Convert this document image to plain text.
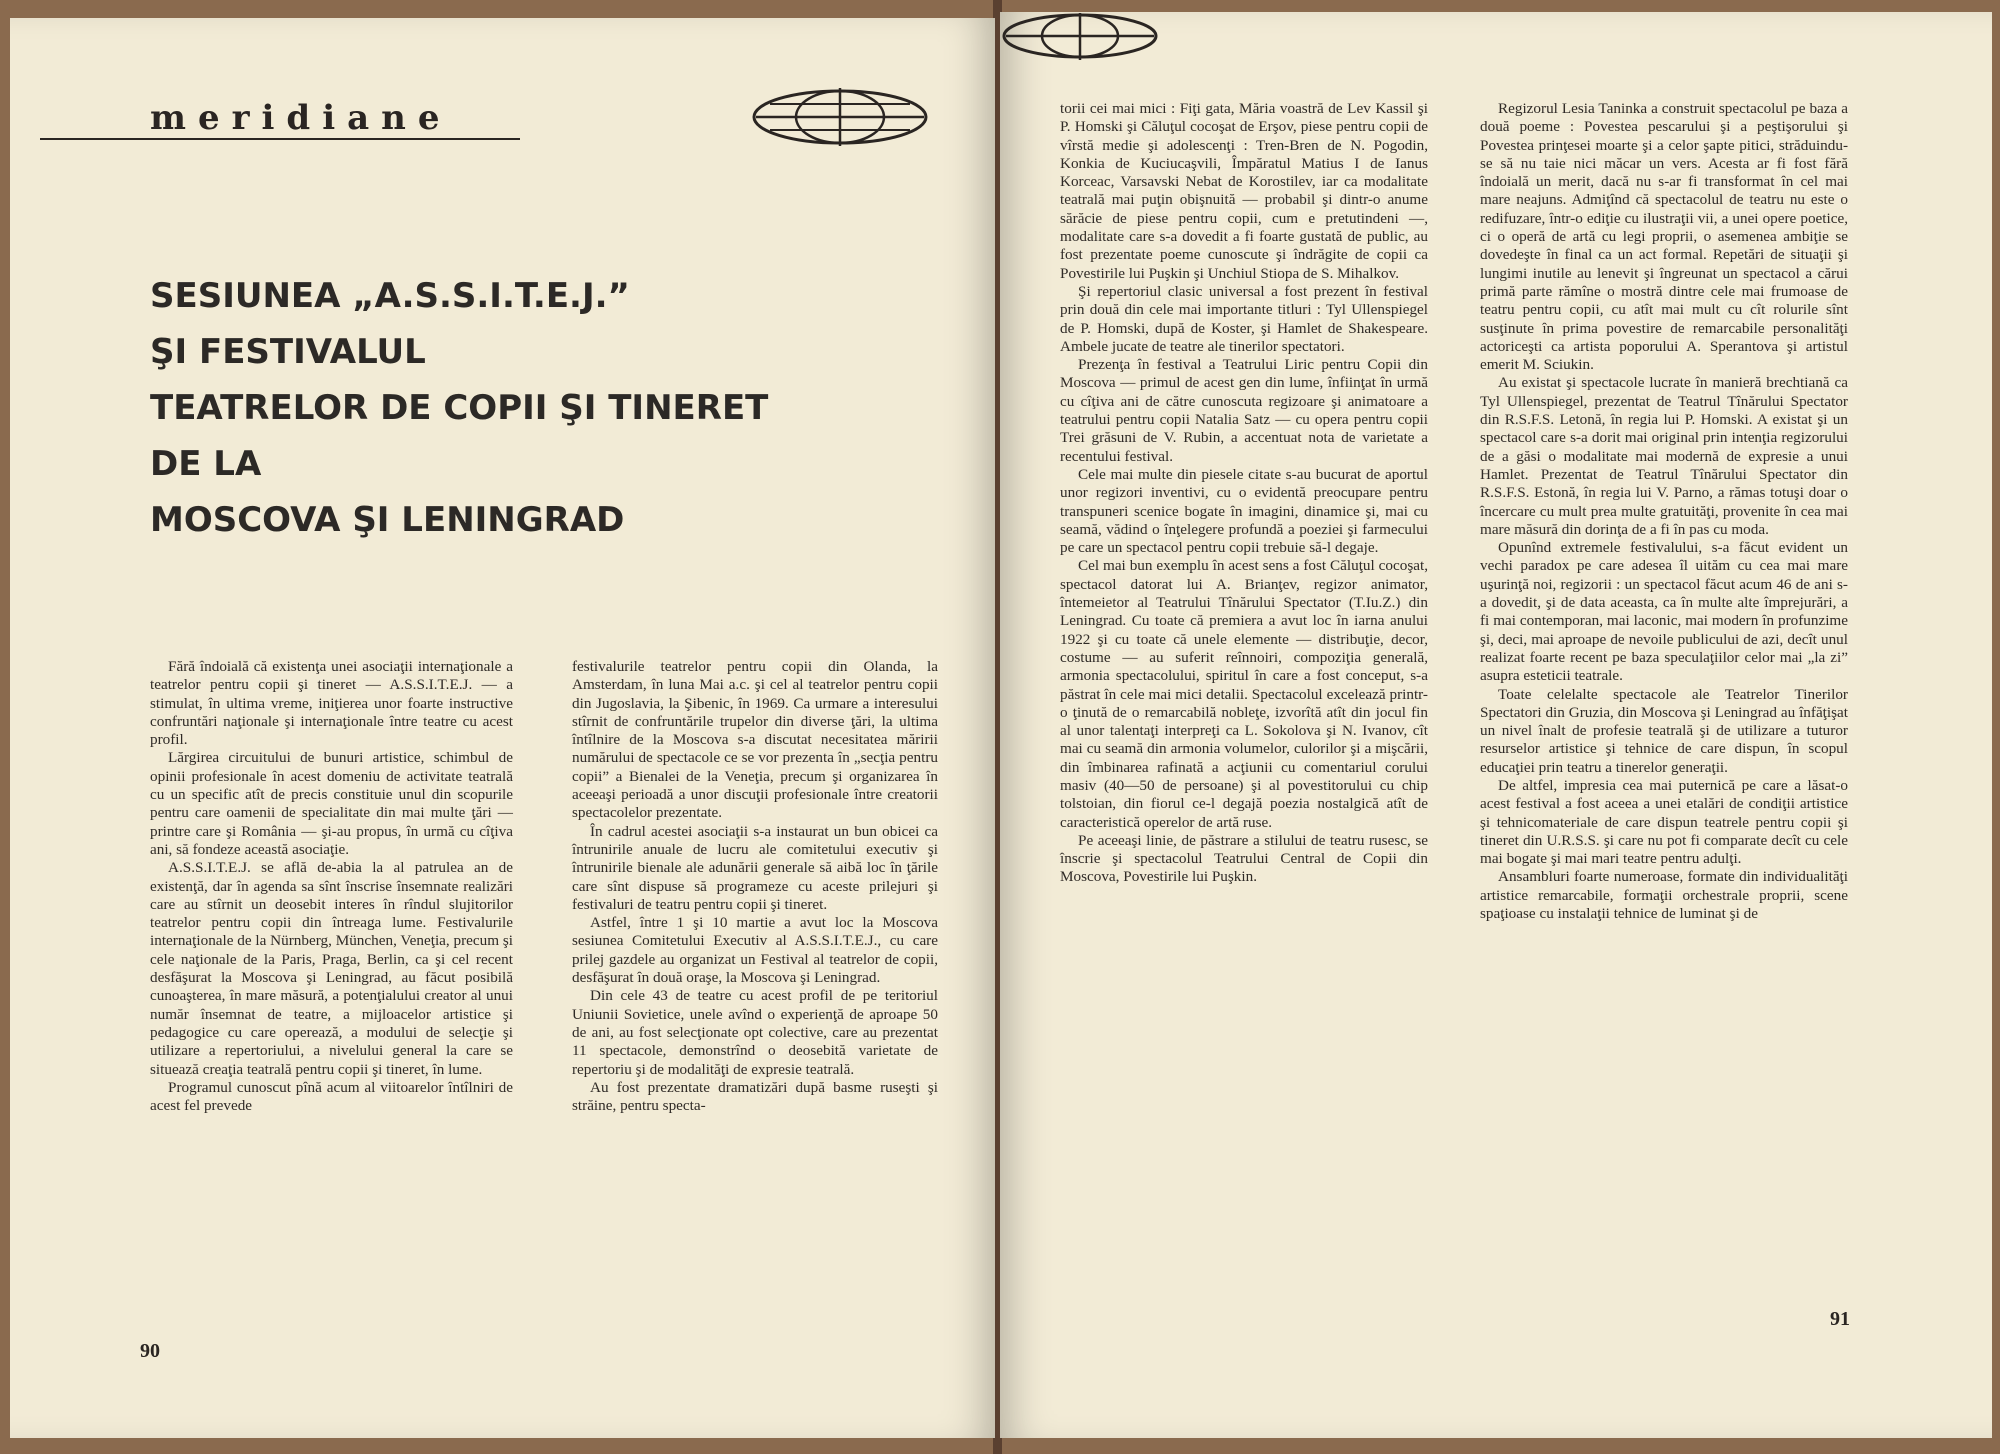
meridiane
SESIUNEA „A.S.S.I.T.E.J.”
ŞI FESTIVALUL
TEATRELOR DE COPII ŞI TINERET
DE LA
MOSCOVA ŞI LENINGRAD

Fără îndoială că existenţa unei asociaţii internaţionale a teatrelor pentru copii şi tineret — A.S.S.I.T.E.J. — a stimulat, în ultima vreme, iniţierea unor foarte instructive confruntări naţionale şi internaţionale între teatre cu acest profil.

Lărgirea circuitului de bunuri artistice, schimbul de opinii profesionale în acest domeniu de activitate teatrală cu un specific atît de precis constituie unul din scopurile pentru care oamenii de specialitate din mai multe ţări — printre care şi România — şi-au propus, în urmă cu cîţiva ani, să fondeze această asociaţie.

A.S.S.I.T.E.J. se află de-abia la al patrulea an de existenţă, dar în agenda sa sînt înscrise însemnate realizări care au stîrnit un deosebit interes în rîndul slujitorilor teatrelor pentru copii din întreaga lume. Festivalurile internaţionale de la Nürnberg, München, Veneţia, precum şi cele naţionale de la Paris, Praga, Berlin, ca şi cel recent desfăşurat la Moscova şi Leningrad, au făcut posibilă cunoaşterea, în mare măsură, a potenţialului creator al unui număr însemnat de teatre, a mijloacelor artistice şi pedagogice cu care operează, a modului de selecţie şi utilizare a repertoriului, a nivelului general la care se situează creaţia teatrală pentru copii şi tineret, în lume.

Programul cunoscut pînă acum al viitoarelor întîlniri de acest fel prevede

festivalurile teatrelor pentru copii din Olanda, la Amsterdam, în luna Mai a.c. şi cel al teatrelor pentru copii din Jugoslavia, la Şibenic, în 1969. Ca urmare a interesului stîrnit de confruntările trupelor din diverse ţări, la ultima întîlnire de la Moscova s-a discutat necesitatea măririi numărului de spectacole ce se vor prezenta în „secţia pentru copii” a Bienalei de la Veneţia, precum şi organizarea în aceeaşi perioadă a unor discuţii profesionale între creatorii spectacolelor prezentate.

În cadrul acestei asociaţii s-a instaurat un bun obicei ca întrunirile anuale de lucru ale comitetului executiv şi întrunirile bienale ale adunării generale să aibă loc în ţările care sînt dispuse să programeze cu aceste prilejuri şi festivaluri de teatru pentru copii şi tineret.

Astfel, între 1 şi 10 martie a avut loc la Moscova sesiunea Comitetului Executiv al A.S.S.I.T.E.J., cu care prilej gazdele au organizat un Festival al teatrelor de copii, desfăşurat în două oraşe, la Moscova şi Leningrad.

Din cele 43 de teatre cu acest profil de pe teritoriul Uniunii Sovietice, unele avînd o experienţă de aproape 50 de ani, au fost selecţionate opt colective, care au prezentat 11 spectacole, demonstrînd o deosebită varietate de repertoriu şi de modalităţi de expresie teatrală.

Au fost prezentate dramatizări după basme ruseşti şi străine, pentru specta-

90

torii cei mai mici : Fiţi gata, Măria voastră de Lev Kassil şi P. Homski şi Căluţul cocoşat de Erşov, piese pentru copii de vîrstă medie şi adolescenţi : Tren-Bren de N. Pogodin, Konkia de Kuciucaşvili, Împăratul Matius I de Ianus Korceac, Varsavski Nebat de Korostilev, iar ca modalitate teatrală mai puţin obişnuită — probabil şi dintr-o anume sărăcie de piese pentru copii, cum e pretutindeni —, modalitate care s-a dovedit a fi foarte gustată de public, au fost prezentate poeme cunoscute şi îndrăgite de copii ca Povestirile lui Puşkin şi Unchiul Stiopa de S. Mihalkov.

Şi repertoriul clasic universal a fost prezent în festival prin două din cele mai importante titluri : Tyl Ullenspiegel de P. Homski, după de Koster, şi Hamlet de Shakespeare. Ambele jucate de teatre ale tinerilor spectatori.

Prezenţa în festival a Teatrului Liric pentru Copii din Moscova — primul de acest gen din lume, înfiinţat în urmă cu cîţiva ani de către cunoscuta regizoare şi animatoare a teatrului pentru copii Natalia Satz — cu opera pentru copii Trei grăsuni de V. Rubin, a accentuat nota de varietate a recentului festival.

Cele mai multe din piesele citate s-au bucurat de aportul unor regizori inventivi, cu o evidentă preocupare pentru transpuneri scenice bogate în imagini, dinamice şi, mai cu seamă, vădind o înţelegere profundă a poeziei şi farmecului pe care un spectacol pentru copii trebuie să-l degaje.

Cel mai bun exemplu în acest sens a fost Căluţul cocoşat, spectacol datorat lui A. Brianţev, regizor animator, întemeietor al Teatrului Tînărului Spectator (T.Iu.Z.) din Leningrad. Cu toate că premiera a avut loc în iarna anului 1922 şi cu toate că unele elemente — distribuţie, decor, costume — au suferit reînnoiri, compoziţia generală, armonia spectacolului, spiritul în care a fost conceput, s-a păstrat în cele mai mici detalii. Spectacolul excelează printr-o ţinută de o remarcabilă nobleţe, izvorîtă atît din jocul fin al unor talentaţi interpreţi ca L. Sokolova şi N. Ivanov, cît mai cu seamă din armonia volumelor, culorilor şi a mişcării, din îmbinarea rafinată a acţiunii cu comentariul corului masiv (40—50 de persoane) şi al povestitorului cu chip tolstoian, din fiorul ce-l degajă poezia nostalgică atît de caracteristică operelor de artă ruse.

Pe aceeaşi linie, de păstrare a stilului de teatru rusesc, se înscrie şi spectacolul Teatrului Central de Copii din Moscova, Povestirile lui Puşkin.

Regizorul Lesia Taninka a construit spectacolul pe baza a două poeme : Povestea pescarului şi a peştişorului şi Povestea prinţesei moarte şi a celor şapte pitici, străduindu-se să nu taie nici măcar un vers. Acesta ar fi fost fără îndoială un merit, dacă nu s-ar fi transformat în cel mai mare neajuns. Admiţînd că spectacolul de teatru nu este o redifuzare, într-o ediţie cu ilustraţii vii, a unei opere poetice, ci o operă de artă cu legi proprii, o asemenea ambiţie se dovedeşte în final ca un act formal. Repetări de situaţii şi lungimi inutile au lenevit şi îngreunat un spectacol a cărui primă parte rămîne o mostră dintre cele mai frumoase de teatru pentru copii, cu atît mai mult cu cît rolurile sînt susţinute în prima povestire de remarcabile personalităţi actoriceşti ca artista poporului A. Sperantova şi artistul emerit M. Sciukin.

Au existat şi spectacole lucrate în manieră brechtiană ca Tyl Ullenspiegel, prezentat de Teatrul Tînărului Spectator din R.S.F.S. Letonă, în regia lui P. Homski. A existat şi un spectacol care s-a dorit mai original prin intenţia regizorului de a găsi o modalitate mai modernă de expresie a unui Hamlet. Prezentat de Teatrul Tînărului Spectator din R.S.F.S. Estonă, în regia lui V. Parno, a rămas totuşi doar o încercare cu mult prea multe gratuităţi, provenite în cea mai mare măsură din dorinţa de a fi în pas cu moda.

Opunînd extremele festivalului, s-a făcut evident un vechi paradox pe care adesea îl uităm cu cea mai mare uşurinţă noi, regizorii : un spectacol făcut acum 46 de ani s-a dovedit, şi de data aceasta, ca în multe alte împrejurări, a fi mai contemporan, mai laconic, mai modern în profunzime şi, deci, mai aproape de nevoile publicului de azi, decît unul realizat foarte recent pe baza speculaţiilor celor mai „la zi” asupra esteticii teatrale.

Toate celelalte spectacole ale Teatrelor Tinerilor Spectatori din Gruzia, din Moscova şi Leningrad au înfăţişat un nivel înalt de profesie teatrală şi de utilizare a tuturor resurselor artistice şi tehnice de care dispun, în scopul educaţiei prin teatru a tinerelor generaţii.

De altfel, impresia cea mai puternică pe care a lăsat-o acest festival a fost aceea a unei etalări de condiţii artistice şi tehnicomateriale de care dispun teatrele pentru copii şi tineret din U.R.S.S. şi care nu pot fi comparate decît cu cele mai bogate şi mai mari teatre pentru adulţi.

Ansambluri foarte numeroase, formate din individualităţi artistice remarcabile, formaţii orchestrale proprii, scene spaţioase cu instalaţii tehnice de luminat şi de

91
